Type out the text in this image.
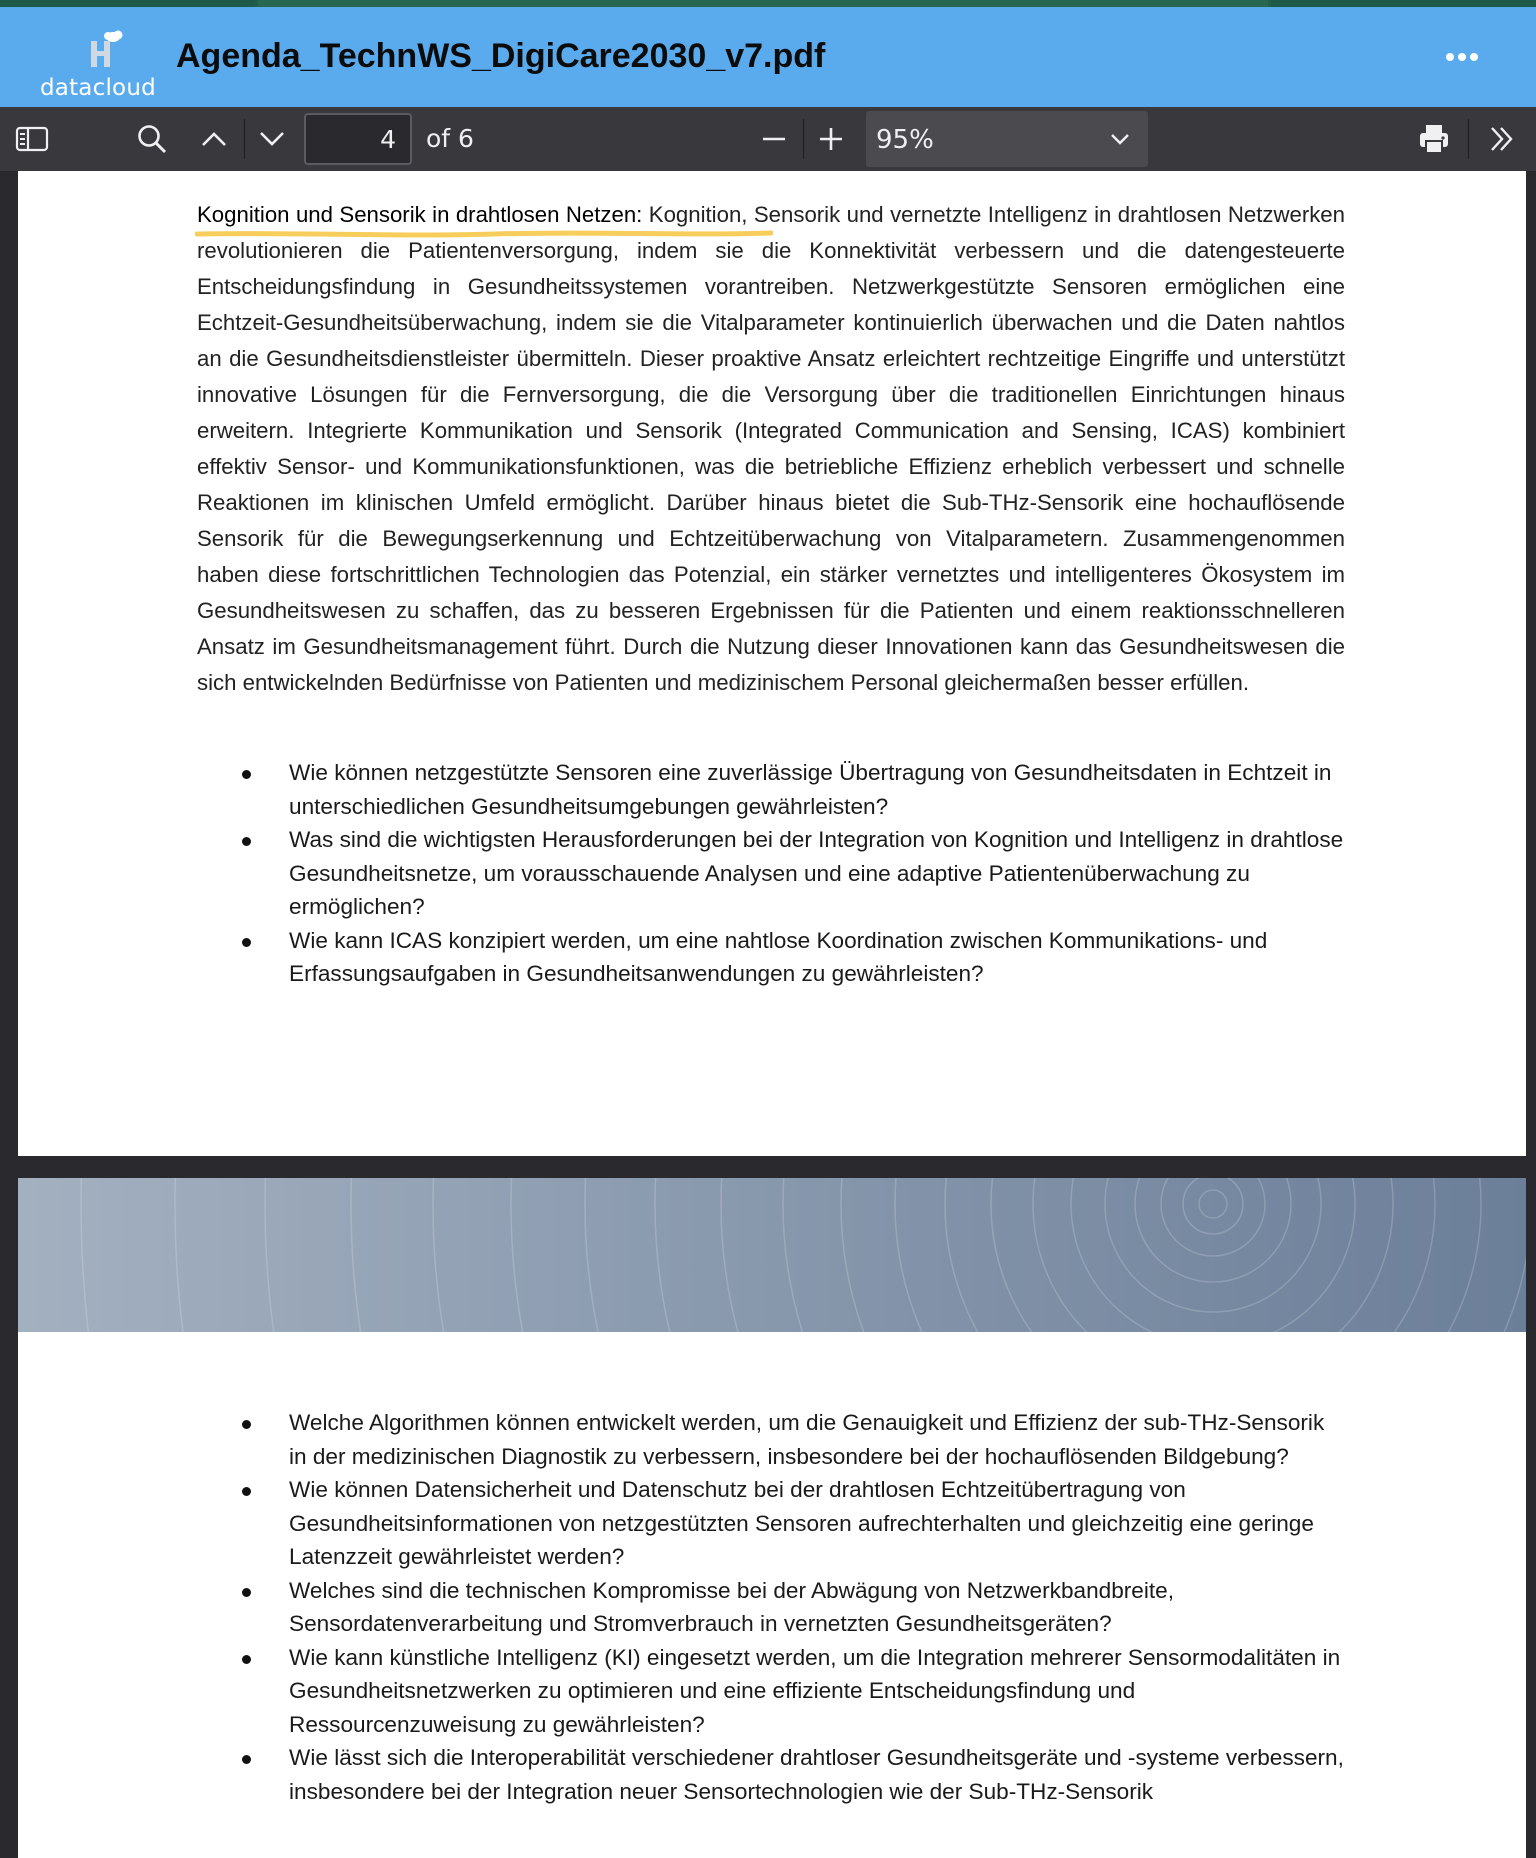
datacloud
Agenda_TechnWS_DigiCare2030_v7.pdf
4
of 6	95%
Kognition und Sensorik in drahtlosen Netzen: Kognition, Sensorik und vernetzte Intelligenz in drahtlosen Netzwerken revolutionieren die Patientenversorgung, indem sie die Konnektivität verbessern und die datengesteuerte Entscheidungsfindung in Gesundheitssystemen vorantreiben. Netzwerkgestützte Sensoren ermöglichen eine Echtzeit-Gesundheitsüberwachung, indem sie die Vitalparameter kontinuierlich überwachen und die Daten nahtlos an die Gesundheitsdienstleister übermitteln. Dieser proaktive Ansatz erleichtert rechtzeitige Eingriffe und unterstützt innovative Lösungen für die Fernversorgung, die die Versorgung über die traditionellen Einrichtungen hinaus erweitern. Integrierte Kommunikation und Sensorik (Integrated Communication and Sensing, ICAS) kombiniert effektiv Sensor- und Kommunikationsfunktionen, was die betriebliche Effizienz erheblich verbessert und schnelle Reaktionen im klinischen Umfeld ermöglicht. Darüber hinaus bietet die Sub-THz-Sensorik eine hochauflösende Sensorik für die Bewegungserkennung und Echtzeitüberwachung von Vitalparametern. Zusammengenommen haben diese fortschrittlichen Technologien das Potenzial, ein stärker vernetztes und intelligenteres Ökosystem im Gesundheitswesen zu schaffen, das zu besseren Ergebnissen für die Patienten und einem reaktionsschnelleren Ansatz im Gesundheitsmanagement führt. Durch die Nutzung dieser Innovationen kann das Gesundheitswesen die sich entwickelnden Bedürfnisse von Patienten und medizinischem Personal gleichermaßen besser erfüllen.
Wie können netzgestützte Sensoren eine zuverlässige Übertragung von Gesundheitsdaten in Echtzeit in unterschiedlichen Gesundheitsumgebungen gewährleisten?
Was sind die wichtigsten Herausforderungen bei der Integration von Kognition und Intelligenz in drahtlose Gesundheitsnetze, um vorausschauende Analysen und eine adaptive Patientenüberwachung zu ermöglichen?
Wie kann ICAS konzipiert werden, um eine nahtlose Koordination zwischen Kommunikations- und Erfassungsaufgaben in Gesundheitsanwendungen zu gewährleisten?
Welche Algorithmen können entwickelt werden, um die Genauigkeit und Effizienz der sub-THz-Sensorik in der medizinischen Diagnostik zu verbessern, insbesondere bei der hochauflösenden Bildgebung?
Wie können Datensicherheit und Datenschutz bei der drahtlosen Echtzeitübertragung von Gesundheitsinformationen von netzgestützten Sensoren aufrechterhalten und gleichzeitig eine geringe Latenzzeit gewährleistet werden?
Welches sind die technischen Kompromisse bei der Abwägung von Netzwerkbandbreite, Sensordatenverarbeitung und Stromverbrauch in vernetzten Gesundheitsgeräten?
Wie kann künstliche Intelligenz (KI) eingesetzt werden, um die Integration mehrerer Sensormodalitäten in Gesundheitsnetzwerken zu optimieren und eine effiziente Entscheidungsfindung und Ressourcenzuweisung zu gewährleisten?
Wie lässt sich die Interoperabilität verschiedener drahtloser Gesundheitsgeräte und -systeme verbessern, insbesondere bei der Integration neuer Sensortechnologien wie der Sub-THz-Sensorik
